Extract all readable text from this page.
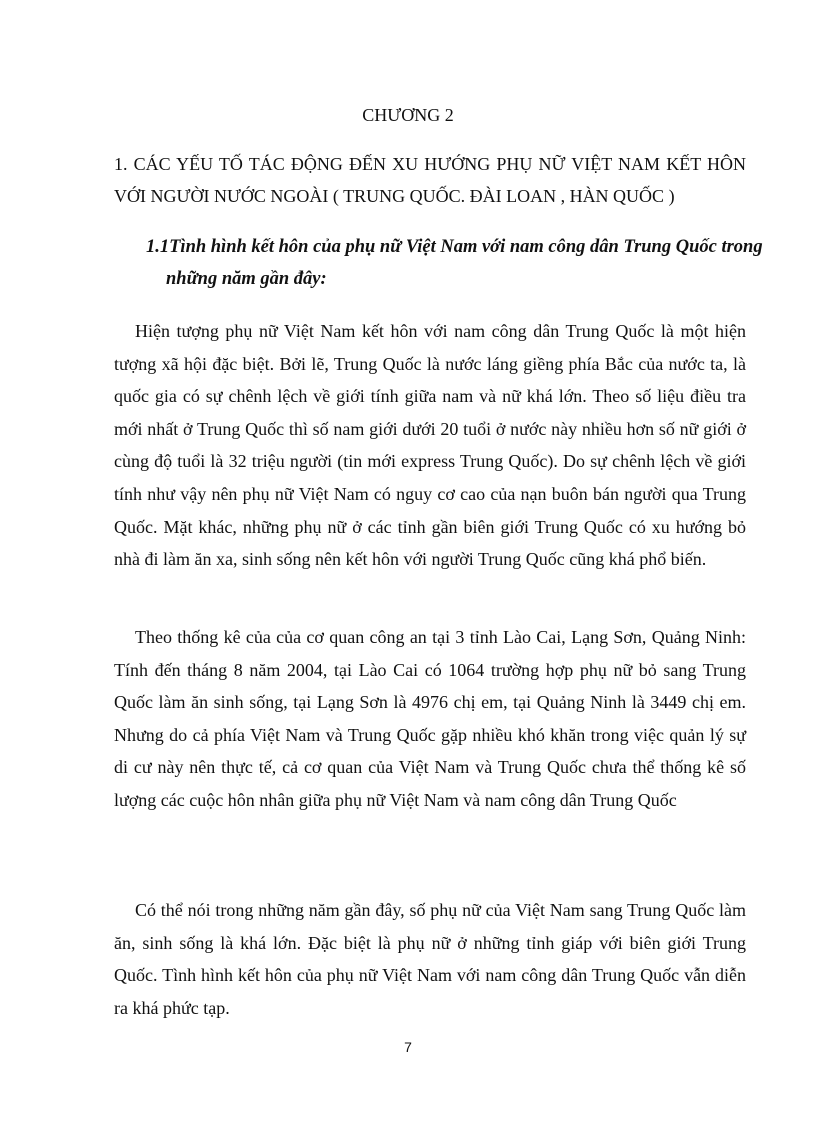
CHƯƠNG 2

1. CÁC YẾU TỐ TÁC ĐỘNG ĐẾN XU HƯỚNG PHỤ NỮ VIỆT NAM KẾT HÔN VỚI NGƯỜI NƯỚC NGOÀI ( TRUNG QUỐC. ĐÀI LOAN , HÀN QUỐC )

1.1Tình hình kết hôn của phụ nữ Việt Nam với nam công dân Trung Quốc trong những năm gần đây:

Hiện tượng phụ nữ Việt Nam kết hôn với nam công dân Trung Quốc là một hiện tượng xã hội đặc biệt. Bởi lẽ, Trung Quốc là nước láng giềng phía Bắc của nước ta, là quốc gia có sự chênh lệch về giới tính giữa nam và nữ khá lớn. Theo số liệu điều tra mới nhất ở Trung Quốc thì số nam giới dưới 20 tuổi ở nước này nhiều hơn số nữ giới ở cùng độ tuổi là 32 triệu người (tin mới express Trung Quốc). Do sự chênh lệch về giới tính như vậy nên phụ nữ Việt Nam có nguy cơ cao của nạn buôn bán người qua Trung Quốc. Mặt khác, những phụ nữ ở các tỉnh gần biên giới Trung Quốc có xu hướng bỏ nhà đi làm ăn xa, sinh sống nên kết hôn với người Trung Quốc cũng khá phổ biến.

Theo thống kê của của cơ quan công an tại 3 tỉnh Lào Cai, Lạng Sơn, Quảng Ninh: Tính đến tháng 8 năm 2004, tại Lào Cai có 1064 trường hợp phụ nữ bỏ sang Trung Quốc làm ăn sinh sống, tại Lạng Sơn là 4976 chị em, tại Quảng Ninh là 3449 chị em. Nhưng do cả phía Việt Nam và Trung Quốc gặp nhiều khó khăn trong việc quản lý sự di cư này nên thực tế, cả cơ quan của Việt Nam và Trung Quốc chưa thể thống kê số lượng các cuộc hôn nhân giữa phụ nữ Việt Nam và nam công dân Trung Quốc

Có thể nói trong những năm gần đây, số phụ nữ của Việt Nam sang Trung Quốc làm ăn, sinh sống là khá lớn. Đặc biệt là phụ nữ ở những tỉnh giáp với biên giới Trung Quốc. Tình hình kết hôn của phụ nữ Việt Nam với nam công dân Trung Quốc vẫn diễn ra khá phức tạp.

7
